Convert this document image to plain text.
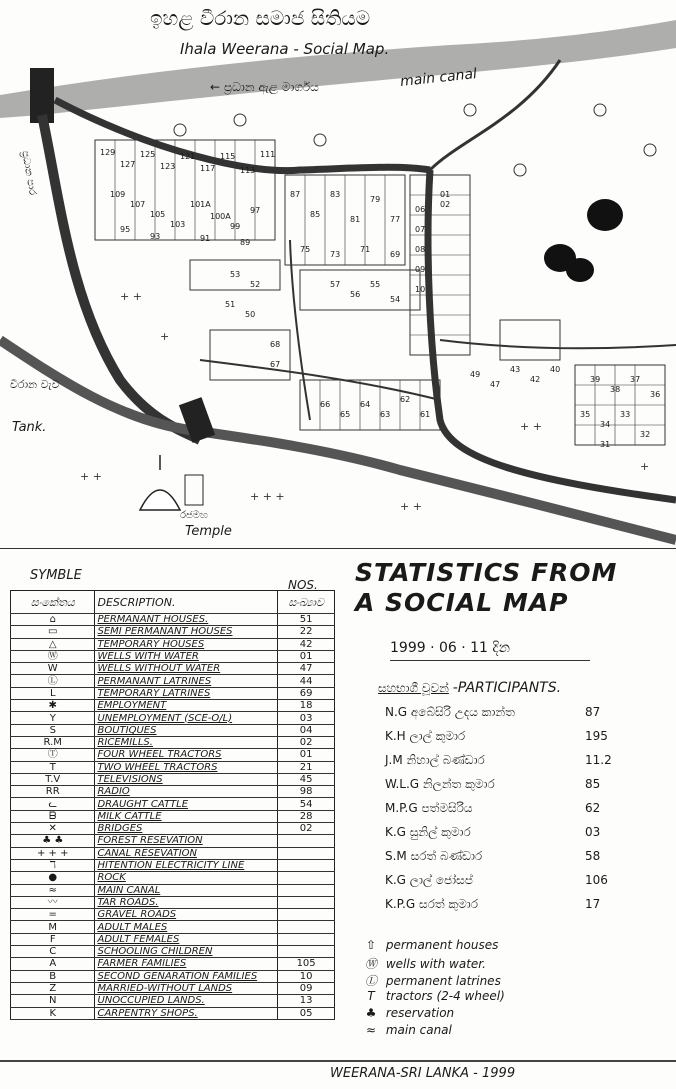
+ +
+ + +
+ +
+ +
+
+ +
+
ඉහළ වීරාන සමාජ සිතියම
Ihala Weerana - Social Map.
← ප්‍රධාන ඇළ මාර්ගය	main canal
වීරාන වැව
Tank.
රජමහ
Temple
ප්‍රධාන පාර	129
127
125
123
121
117
115
113
111
109
107
105
103
101A
100A
99
97
95
93	91	89
87
85
83
81
79
77
75
73
71
69
68
67
66
65
64
63
62
61
57
56
55
54
53
52
51
50
49
47
43
42
40
39
38
37
36
35
34
33
32
31
10
09
08
07
06
02
01
SYMBLE
NOS.
සංකේතය	DESCRIPTION.	සංඛ්‍යාව
⌂	PERMANANT HOUSES.	51
▭	SEMI PERMANANT HOUSES	22
△	TEMPORARY HOUSES	42
Ⓦ	WELLS WITH WATER	01
W	WELLS WITHOUT WATER	47
Ⓛ	PERMANANT LATRINES	44
L	TEMPORARY LATRINES	69
✱	EMPLOYMENT	18
Y	UNEMPLOYMENT (SCE-O/L)	03
S	BOUTIQUES	04
R.M	RICEMILLS.	02
Ⓣ	FOUR WHEEL TRACTORS	01
T	TWO WHEEL TRACTORS	21
T.V	TELEVISIONS	45
RR	RADIO	98
ᓚ	DRAUGHT CATTLE	54
ᗷ	MILK CATTLE	28
✕	BRIDGES	02
♣ ♣	FOREST RESEVATION	
+ + +	CANAL RESEVATION	
ℸ	HITENTION ELECTRICITY LINE	
●	ROCK	
≈	MAIN CANAL	
〰	TAR ROADS.	
=	GRAVEL ROADS	
M	ADULT MALES	
F	ADULT FEMALES	
C	SCHOOLING CHILDREN	
A	FARMER FAMILIES	105
B	SECOND GENARATION FAMILIES	10
Z	MARRIED-WITHOUT LANDS	09
N	UNOCCUPIED LANDS.	13
K	CARPENTRY SHOPS.	05
STATISTICS FROM
A SOCIAL MAP
1999 · 06 · 11 දින
සහභාගී වූවන් -PARTICIPANTS.
N.G අබේසිරි උදය කාන්ත	87
K.H ලාල් කුමාර	195
J.M නිහාල් බණ්ඩාර	11.2
W.L.G නිලන්ත කුමාර	85
M.P.G පත්මසිරිය	62
K.G සුනිල් කුමාර	03
S.M සරත් බණ්ඩාර	58
K.G ලාල් ජෝසප්	106
K.P.G සරත් කුමාර	17
⇧ permanent houses
Ⓦ wells with water.
Ⓛ permanent latrines
T tractors (2-4 wheel)
♣ reservation
≈ main canal
WEERANA-SRI LANKA - 1999
